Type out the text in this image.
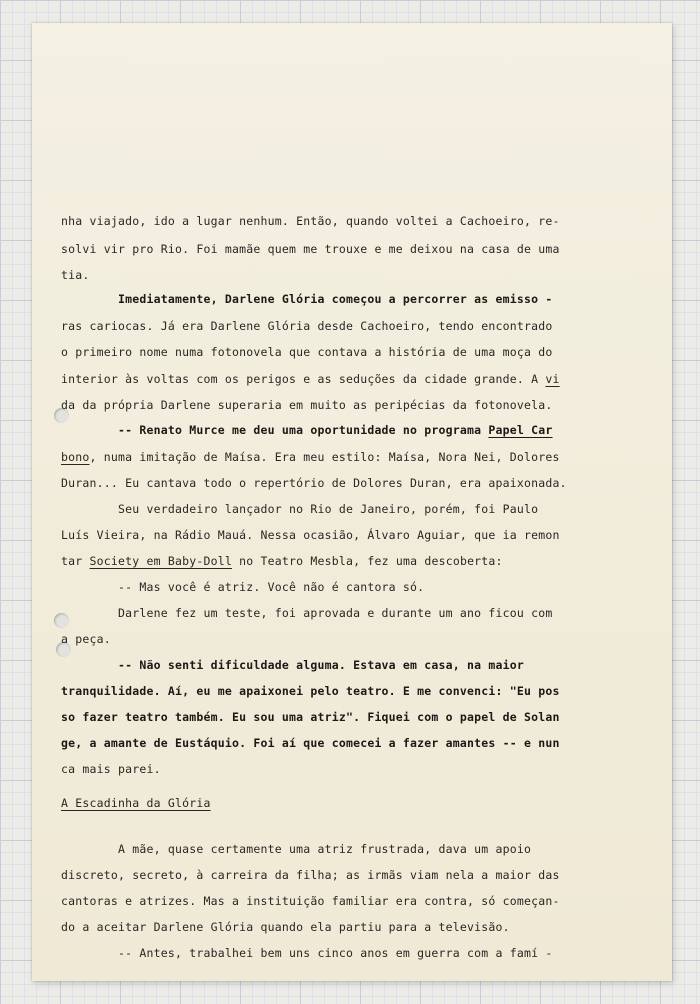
nha viajado, ido a lugar nenhum. Então, quando voltei a Cachoeiro, re-
solvi vir pro Rio. Foi mamãe quem me trouxe e me deixou na casa de uma
tia.
Imediatamente, Darlene Glória começou a percorrer as emisso -
ras cariocas. Já era Darlene Glória desde Cachoeiro, tendo encontrado
o primeiro nome numa fotonovela que contava a história de uma moça do
interior às voltas com os perigos e as seduções da cidade grande. A vi
da da própria Darlene superaria em muito as peripécias da fotonovela.
-- Renato Murce me deu uma oportunidade no programa Papel Car
bono, numa imitação de Maísa. Era meu estilo: Maísa, Nora Nei, Dolores
Duran... Eu cantava todo o repertório de Dolores Duran, era apaixonada.
Seu verdadeiro lançador no Rio de Janeiro, porém, foi Paulo
Luís Vieira, na Rádio Mauá. Nessa ocasião, Álvaro Aguiar, que ia remon
tar Society em Baby-Doll no Teatro Mesbla, fez uma descoberta:
-- Mas você é atriz. Você não é cantora só.
Darlene fez um teste, foi aprovada e durante um ano ficou com
a peça.
-- Não senti dificuldade alguma. Estava em casa, na maior
tranquilidade. Aí, eu me apaixonei pelo teatro. E me convenci: "Eu pos
so fazer teatro também. Eu sou uma atriz". Fiquei com o papel de Solan
ge, a amante de Eustáquio. Foi aí que comecei a fazer amantes -- e nun
ca mais parei.
A Escadinha da Glória
A mãe, quase certamente uma atriz frustrada, dava um apoio
discreto, secreto, à carreira da filha; as irmãs viam nela a maior das
cantoras e atrizes. Mas a instituição familiar era contra, só começan-
do a aceitar Darlene Glória quando ela partiu para a televisão.
-- Antes, trabalhei bem uns cinco anos em guerra com a famí -
